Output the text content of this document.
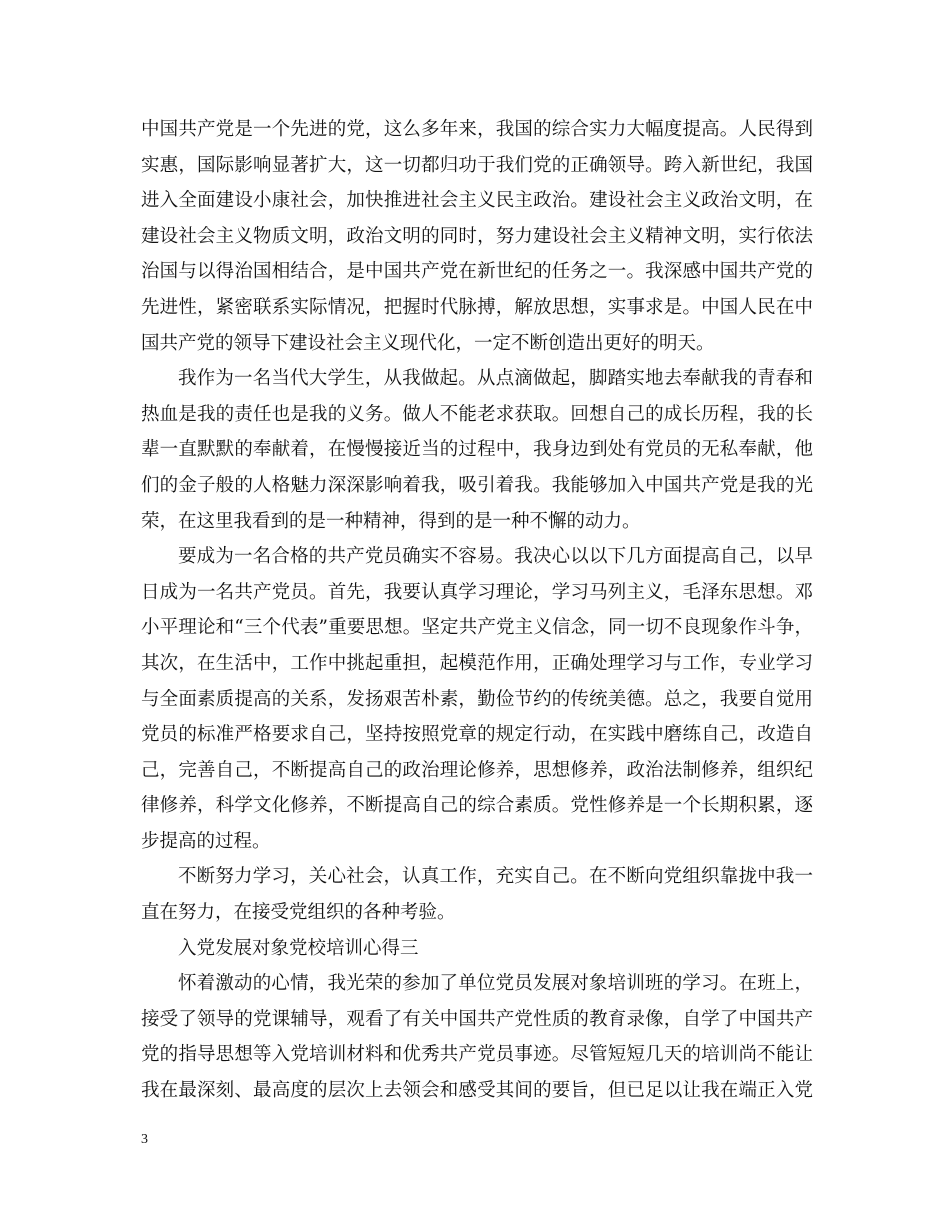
中国共产党是一个先进的党，这么多年来，我国的综合实力大幅度提高。人民得到
实惠，国际影响显著扩大，这一切都归功于我们党的正确领导。跨入新世纪，我国
进入全面建设小康社会，加快推进社会主义民主政治。建设社会主义政治文明，在
建设社会主义物质文明，政治文明的同时，努力建设社会主义精神文明，实行依法
治国与以得治国相结合，是中国共产党在新世纪的任务之一。我深感中国共产党的
先进性，紧密联系实际情况，把握时代脉搏，解放思想，实事求是。中国人民在中
国共产党的领导下建设社会主义现代化，一定不断创造出更好的明天。
我作为一名当代大学生，从我做起。从点滴做起，脚踏实地去奉献我的青春和
热血是我的责任也是我的义务。做人不能老求获取。回想自己的成长历程，我的长
辈一直默默的奉献着，在慢慢接近当的过程中，我身边到处有党员的无私奉献，他
们的金子般的人格魅力深深影响着我，吸引着我。我能够加入中国共产党是我的光
荣，在这里我看到的是一种精神，得到的是一种不懈的动力。
要成为一名合格的共产党员确实不容易。我决心以以下几方面提高自己，以早
日成为一名共产党员。首先，我要认真学习理论，学习马列主义，毛泽东思想。邓
小平理论和“三个代表”重要思想。坚定共产党主义信念，同一切不良现象作斗争，
其次，在生活中，工作中挑起重担，起模范作用，正确处理学习与工作，专业学习
与全面素质提高的关系，发扬艰苦朴素，勤俭节约的传统美德。总之，我要自觉用
党员的标准严格要求自己，坚持按照党章的规定行动，在实践中磨练自己，改造自
己，完善自己，不断提高自己的政治理论修养，思想修养，政治法制修养，组织纪
律修养，科学文化修养，不断提高自己的综合素质。党性修养是一个长期积累，逐
步提高的过程。
不断努力学习，关心社会，认真工作，充实自己。在不断向党组织靠拢中我一
直在努力，在接受党组织的各种考验。
入党发展对象党校培训心得三
怀着激动的心情，我光荣的参加了单位党员发展对象培训班的学习。在班上，
接受了领导的党课辅导，观看了有关中国共产党性质的教育录像，自学了中国共产
党的指导思想等入党培训材料和优秀共产党员事迹。尽管短短几天的培训尚不能让
我在最深刻、最高度的层次上去领会和感受其间的要旨，但已足以让我在端正入党
3
